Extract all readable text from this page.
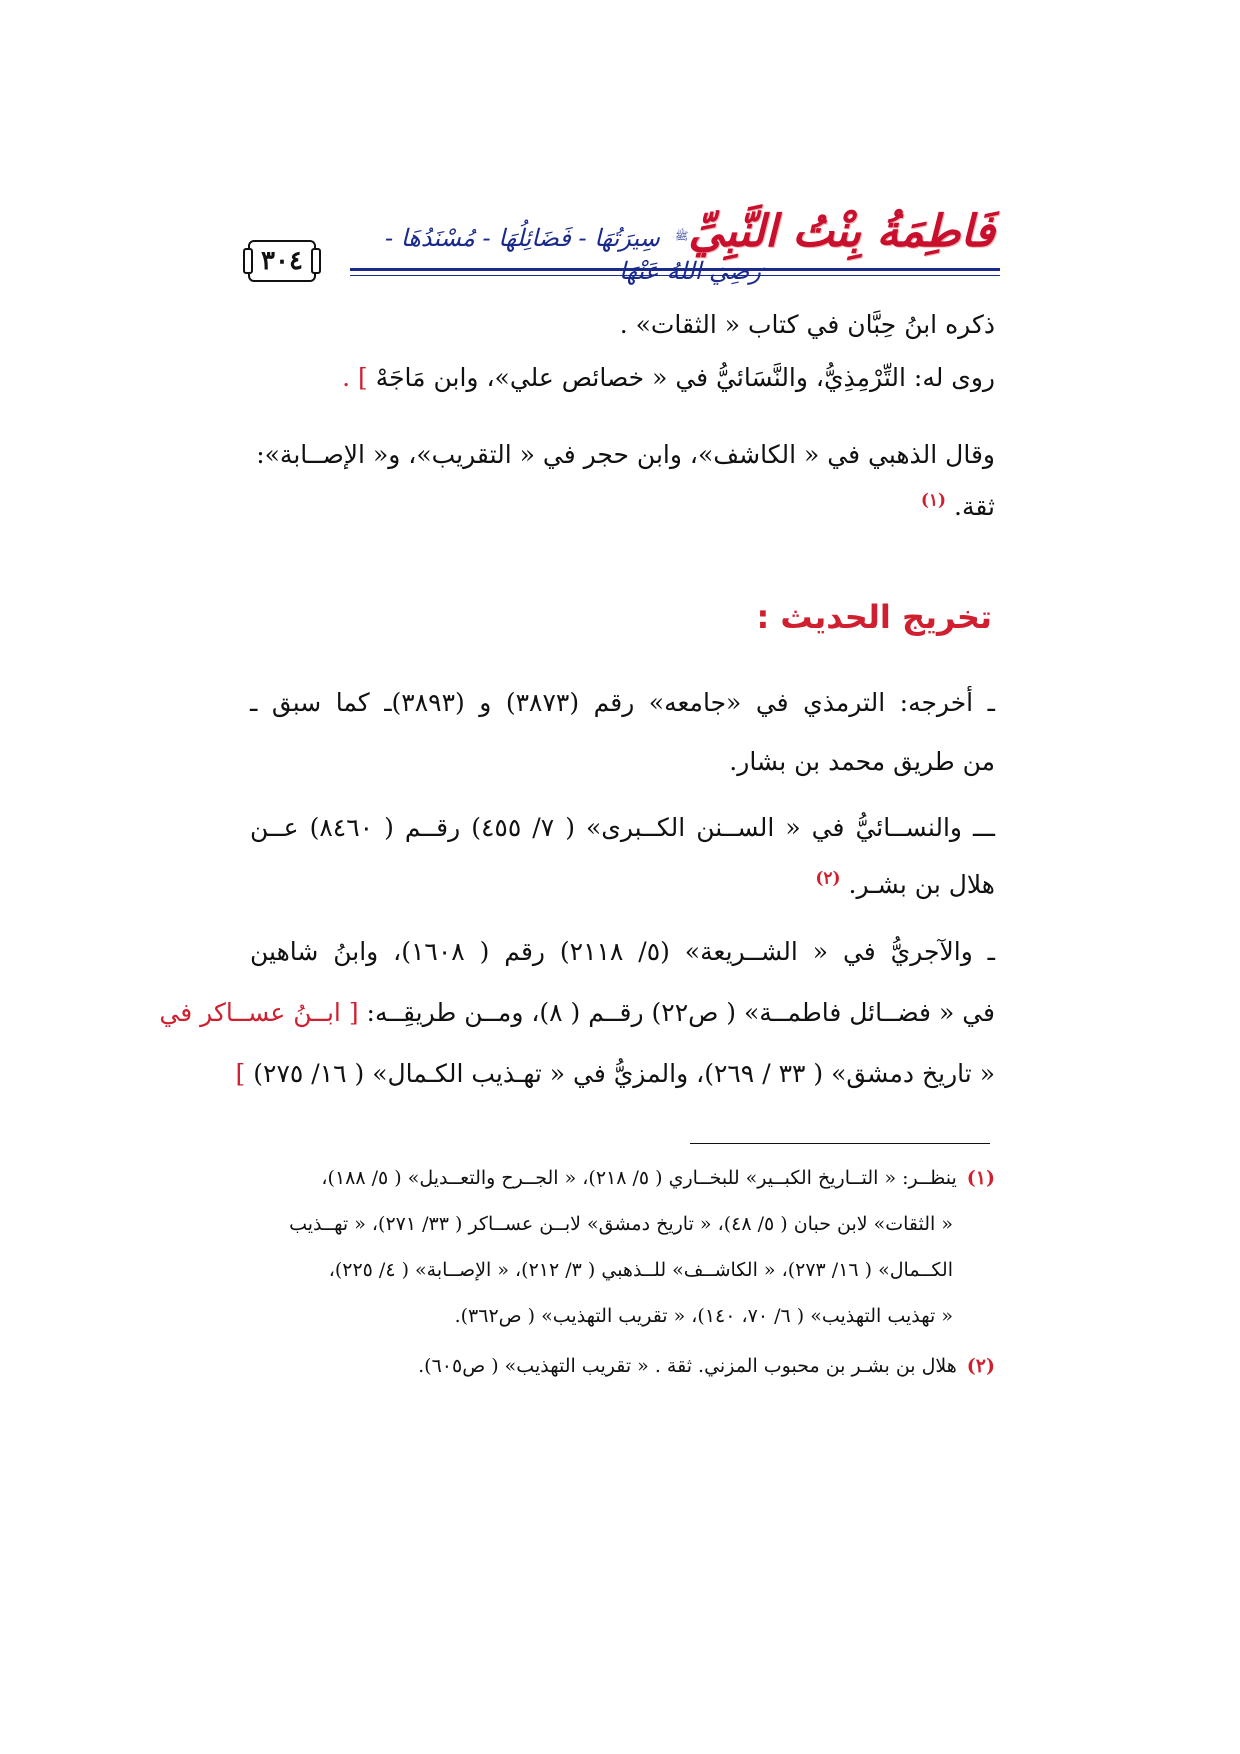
٣٠٤
فَاطِمَةُ بِنْتُ النَّبِيِّ$^ﷺ$ سِيرَتُهَا - فَضَائِلُهَا - مُسْنَدُهَا - رَضِيَ اللهُ عَنْهَا
ذكره ابنُ حِبَّان في كتاب « الثقات» .
روى له: التِّرْمِذِيُّ، والنَّسَائيُّ في « خصائص علي»، وابن مَاجَهْ ] .
وقال الذهبي في « الكاشف»، وابن حجر في « التقريب»، و« الإصــابة»:
ثقة. $^{(١)}$
تخريج الحديث :
ـ أخرجه: الترمذي في «جامعه» رقم (٣٨٧٣) و (٣٨٩٣)ـ كما سبق ـ
من طريق محمد بن بشار.
ـــ والنســائيُّ في « الســنن الكــبرى» ( ٧/ ٤٥٥) رقــم ( ٨٤٦٠) عــن
هلال بن بشـر. $^{(٢)}$
ـ والآجريُّ في « الشــريعة» (٥/ ٢١١٨) رقم ( ١٦٠٨)، وابنُ شاهين
في « فضــائل فاطمــة» ( ص٢٢) رقــم ( ٨)، ومــن طريقِــه: [ ابــنُ عســاكر في
« تاريخ دمشق» ( ٣٣ / ٢٦٩)، والمزيُّ في « تهـذيب الكـمال» ( ١٦/ ٢٧٥) ]
(١)ينظــر: « التــاريخ الكبــير» للبخــاري ( ٥/ ٢١٨)، « الجــرح والتعــديل» ( ٥/ ١٨٨)،
« الثقات» لابن حبان ( ٥/ ٤٨)، « تاريخ دمشق» لابــن عســاكر ( ٣٣/ ٢٧١)، « تهــذيب
الكــمال» ( ١٦/ ٢٧٣)، « الكاشــف» للــذهبي ( ٣/ ٢١٢)، « الإصــابة» ( ٤/ ٢٢٥)،
« تهذيب التهذيب» ( ٦/ ٧٠، ١٤٠)، « تقريب التهذيب» ( ص٣٦٢).
(٢)هلال بن بشـر بن محبوب المزني. ثقة . « تقريب التهذيب» ( ص٦٠٥).
